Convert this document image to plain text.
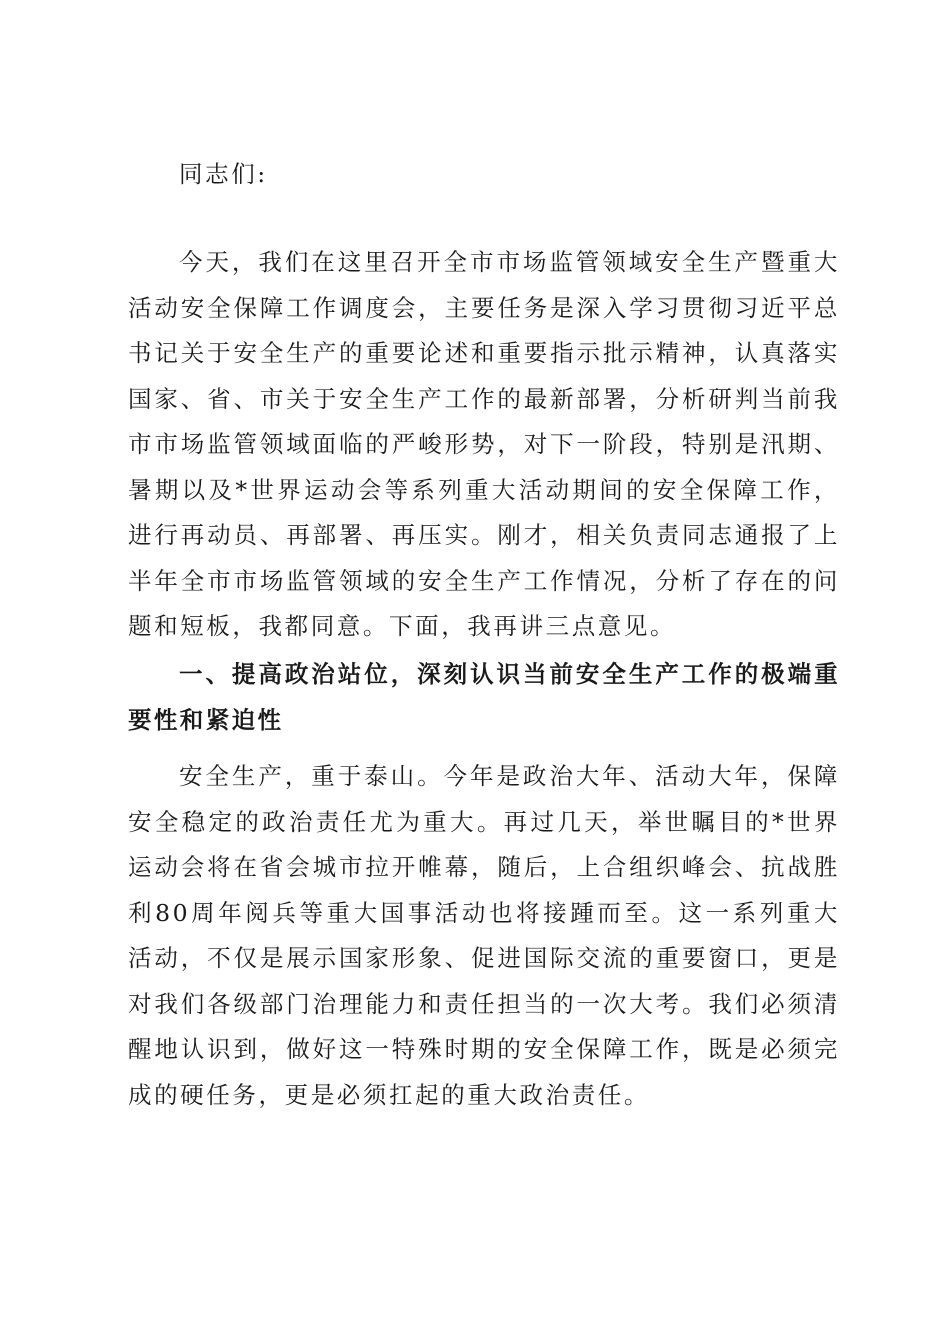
同志们:
今天，我们在这里召开全市市场监管领域安全生产暨重大活动安全保障工作调度会，主要任务是深入学习贯彻习近平总书记关于安全生产的重要论述和重要指示批示精神，认真落实国家、省、市关于安全生产工作的最新部署，分析研判当前我市市场监管领域面临的严峻形势，对下一阶段，特别是汛期、暑期以及*世界运动会等系列重大活动期间的安全保障工作，进行再动员、再部署、再压实。刚才，相关负责同志通报了上半年全市市场监管领域的安全生产工作情况，分析了存在的问题和短板，我都同意。下面，我再讲三点意见。
一、提高政治站位，深刻认识当前安全生产工作的极端重要性和紧迫性
安全生产，重于泰山。今年是政治大年、活动大年，保障安全稳定的政治责任尤为重大。再过几天，举世瞩目的*世界运动会将在省会城市拉开帷幕，随后，上合组织峰会、抗战胜利80周年阅兵等重大国事活动也将接踵而至。这一系列重大活动，不仅是展示国家形象、促进国际交流的重要窗口，更是对我们各级部门治理能力和责任担当的一次大考。我们必须清醒地认识到，做好这一特殊时期的安全保障工作，既是必须完成的硬任务，更是必须扛起的重大政治责任。
